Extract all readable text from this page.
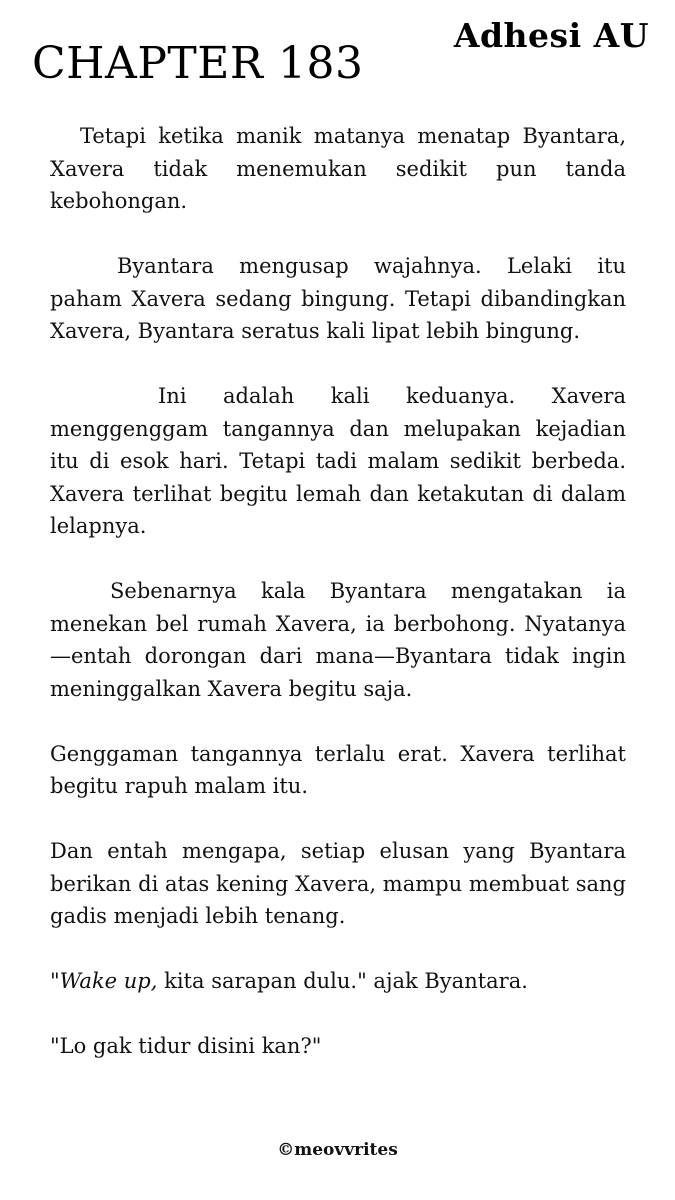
Adhesi AU
CHAPTER 183

Tetapi ketika manik matanya menatap Byantara, Xavera tidak menemukan sedikit pun tanda kebohongan.

Byantara mengusap wajahnya. Lelaki itu paham Xavera sedang bingung. Tetapi dibandingkan Xavera, Byantara seratus kali lipat lebih bingung.

Ini adalah kali keduanya. Xavera menggenggam tangannya dan melupakan kejadian itu di esok hari. Tetapi tadi malam sedikit berbeda. Xavera terlihat begitu lemah dan ketakutan di dalam lelapnya.

Sebenarnya kala Byantara mengatakan ia menekan bel rumah Xavera, ia berbohong. Nyatanya—entah dorongan dari mana—Byantara tidak ingin meninggalkan Xavera begitu saja.

Genggaman tangannya terlalu erat. Xavera terlihat begitu rapuh malam itu.

Dan entah mengapa, setiap elusan yang Byantara berikan di atas kening Xavera, mampu membuat sang gadis menjadi lebih tenang.

"Wake up, kita sarapan dulu." ajak Byantara.

"Lo gak tidur disini kan?"

©meovvrites
